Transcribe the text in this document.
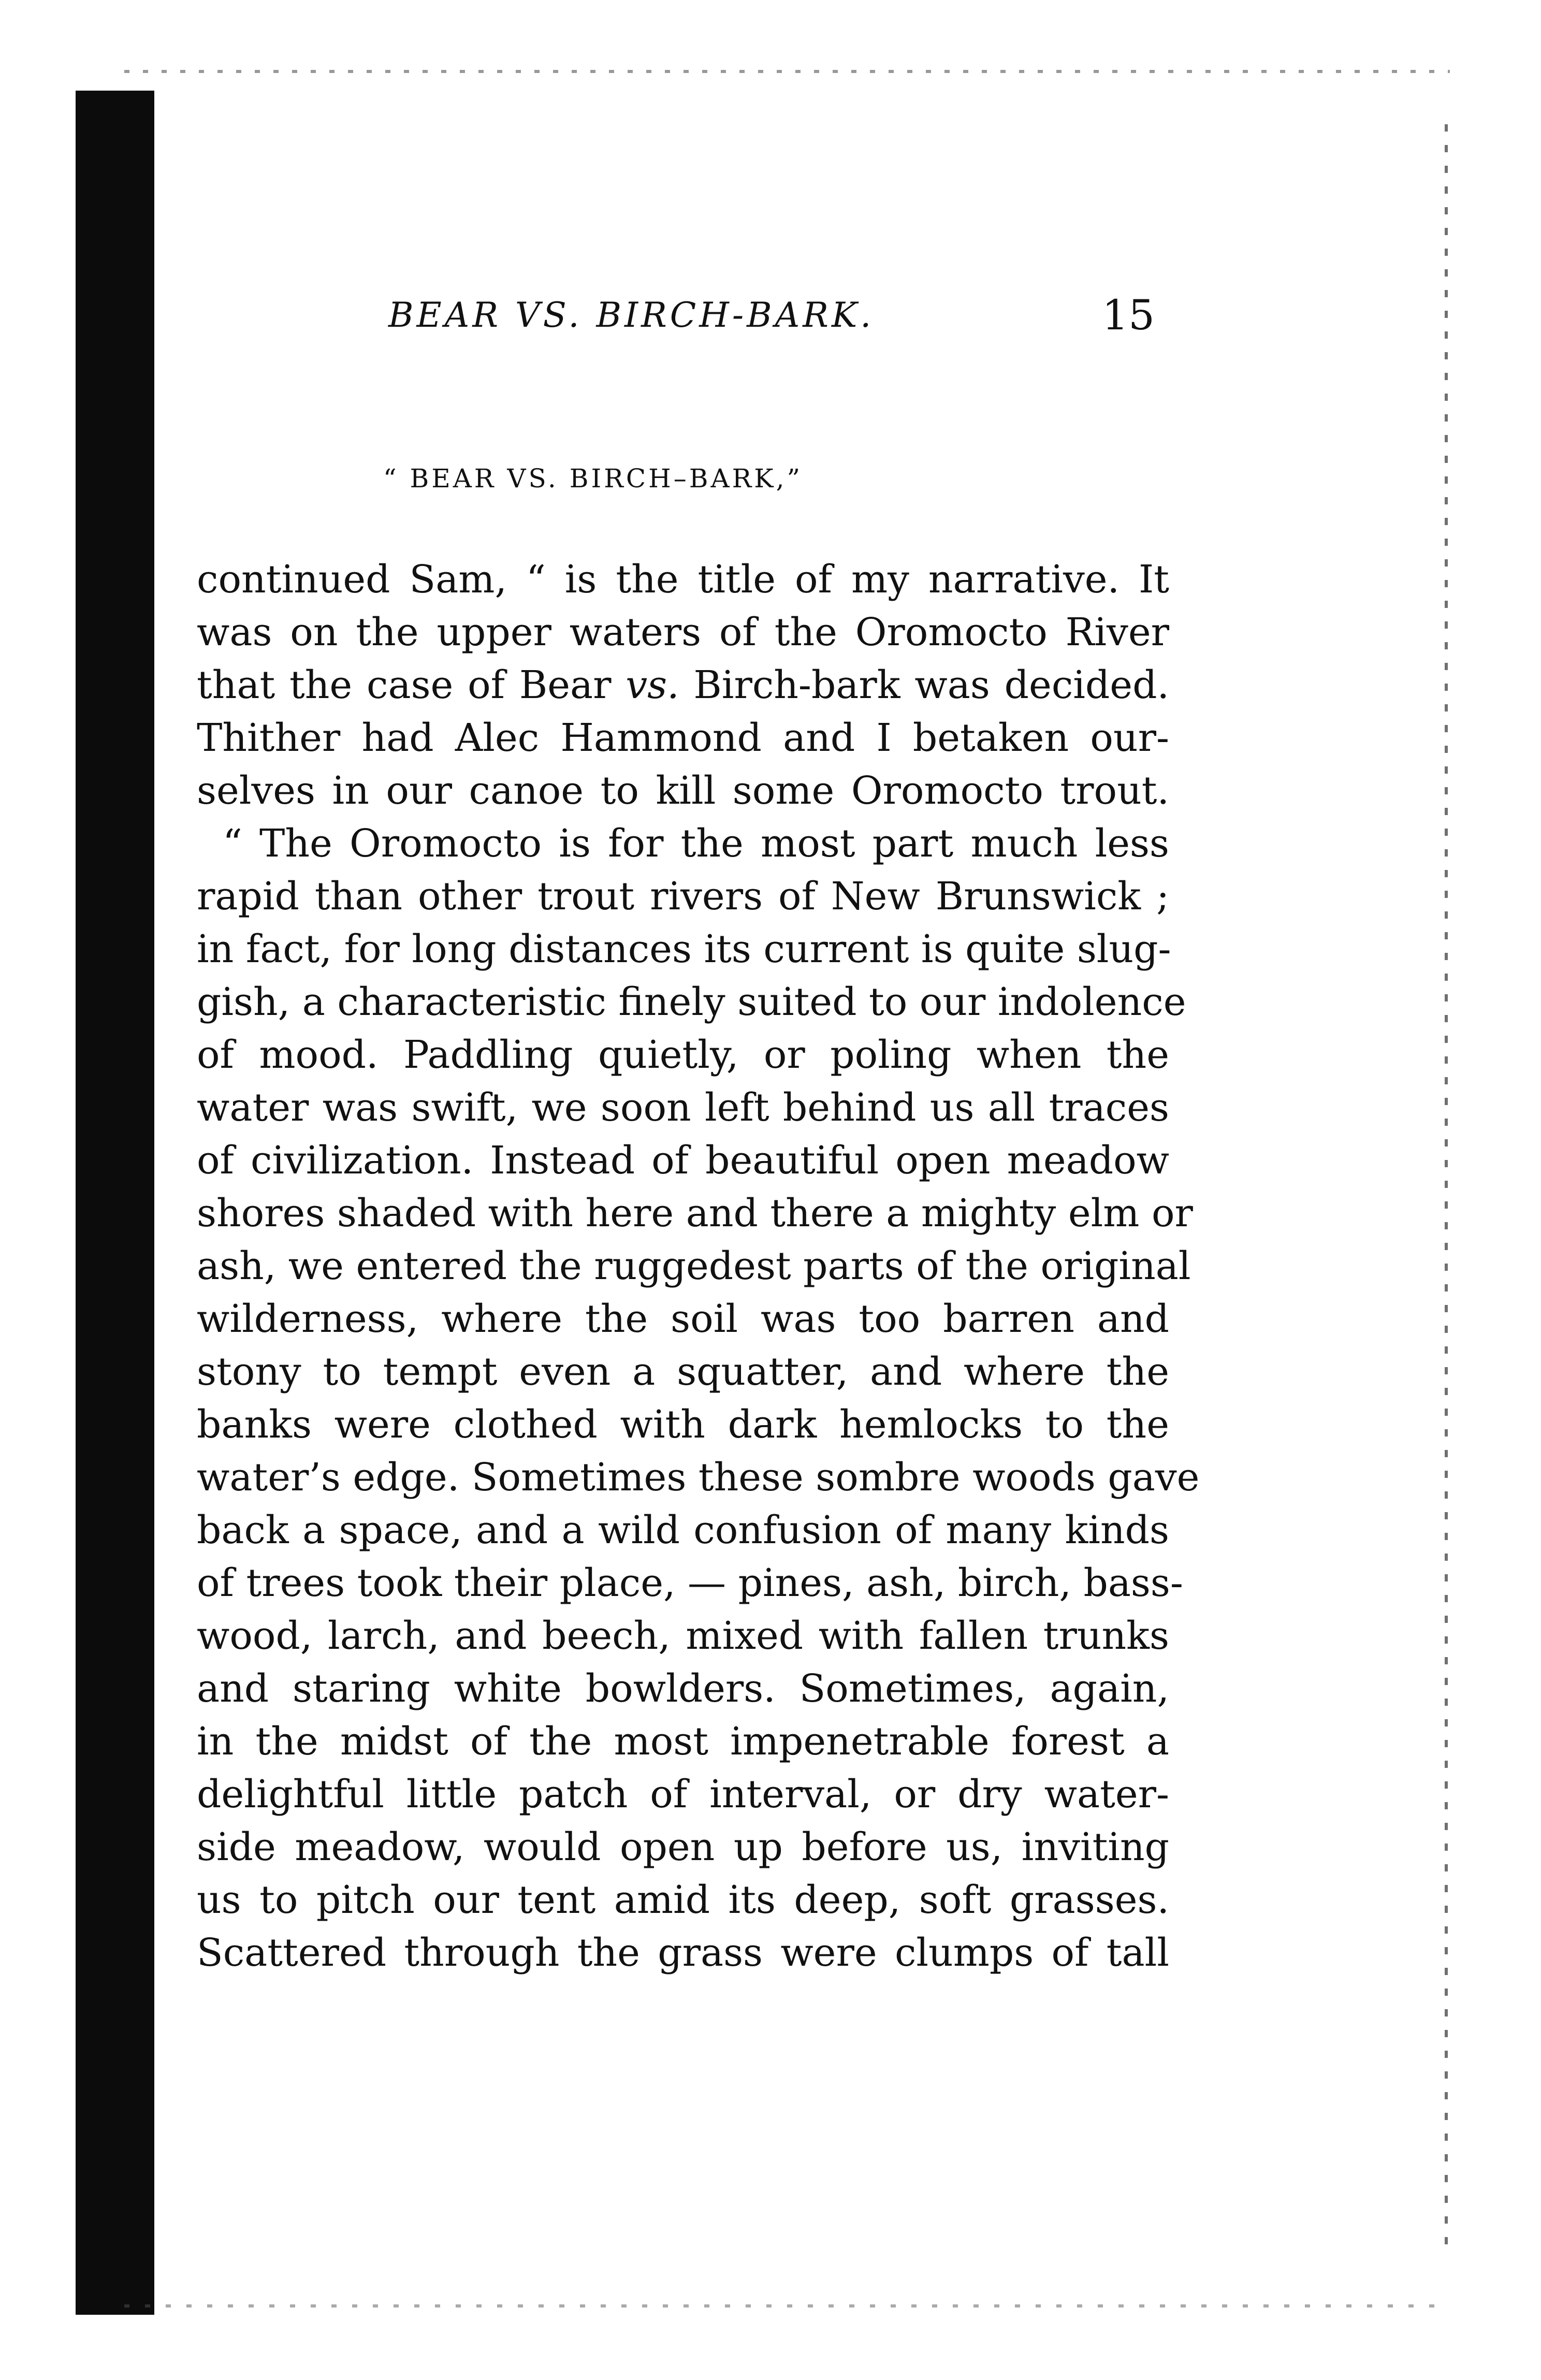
BEAR VS. BIRCH-BARK.	15
“ BEAR VS. BIRCH–BARK,”
continued Sam, “ is the title of my narrative. It
was on the upper waters of the Oromocto River
that the case of Bear vs. Birch-bark was decided.
Thither had Alec Hammond and I betaken our-
selves in our canoe to kill some Oromocto trout.
“ The Oromocto is for the most part much less
rapid than other trout rivers of New Brunswick ;
in fact, for long distances its current is quite slug-
gish, a characteristic finely suited to our indolence
of mood. Paddling quietly, or poling when the
water was swift, we soon left behind us all traces
of civilization. Instead of beautiful open meadow
shores shaded with here and there a mighty elm or
ash, we entered the ruggedest parts of the original
wilderness, where the soil was too barren and
stony to tempt even a squatter, and where the
banks were clothed with dark hemlocks to the
water’s edge. Sometimes these sombre woods gave
back a space, and a wild confusion of many kinds
of trees took their place, — pines, ash, birch, bass-
wood, larch, and beech, mixed with fallen trunks
and staring white bowlders. Sometimes, again,
in the midst of the most impenetrable forest a
delightful little patch of interval, or dry water-
side meadow, would open up before us, inviting
us to pitch our tent amid its deep, soft grasses.
Scattered through the grass were clumps of tall
